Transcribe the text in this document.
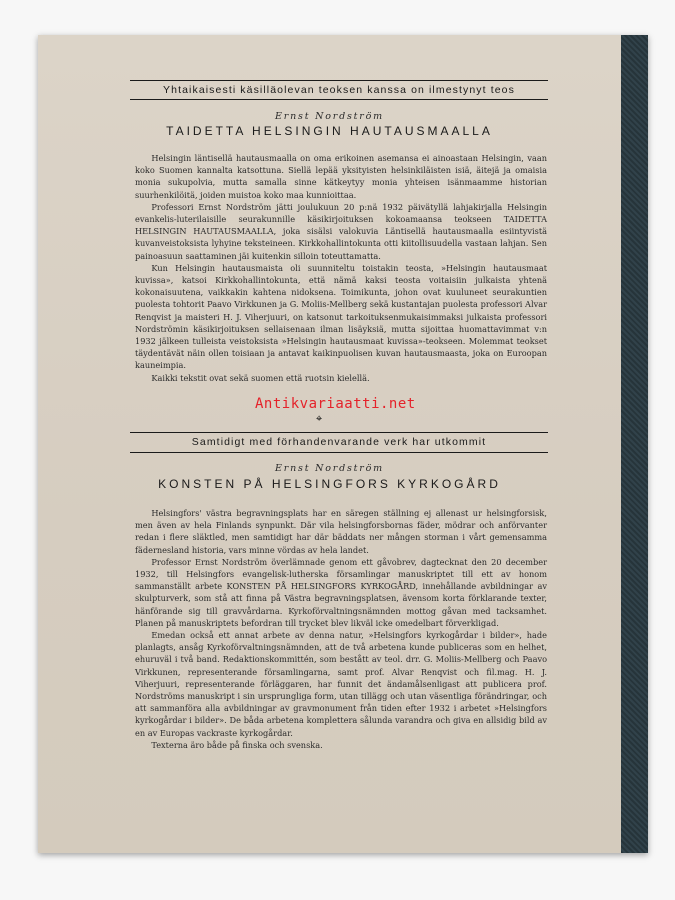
Yhtaikaisesti käsilläolevan teoksen kanssa on ilmestynyt teos
Ernst Nordström
TAIDETTA HELSINGIN HAUTAUSMAALLA

Helsingin läntisellä hautausmaalla on oma erikoinen asemansa ei ainoastaan Helsingin, vaan koko Suomen kannalta katsottuna. Siellä lepää yksityisten helsinkiläisten isiä, äitejä ja omaisia monia sukupolvia, mutta samalla sinne kätkeytyy monia yhteisen isänmaamme historian suurhenkilöitä, joiden muistoa koko maa kunnioittaa.

Professori Ernst Nordström jätti joulukuun 20 p:nä 1932 päivätyllä lahjakirjalla Helsingin evankelis-luterilaisille seurakunnille käsikirjoituksen kokoamaansa teokseen TAIDETTA HELSINGIN HAUTAUSMAALLA, joka sisälsi valokuvia Läntisellä hautausmaalla esiintyvistä kuvanveistoksista lyhyine teksteineen. Kirkkohallintokunta otti kiitollisuudella vastaan lahjan. Sen painoasuun saattaminen jäi kuitenkin silloin toteuttamatta.

Kun Helsingin hautausmaista oli suunniteltu toistakin teosta, »Helsingin hautausmaat kuvissa», katsoi Kirkkohallintokunta, että nämä kaksi teosta voitaisiin julkaista yhtenä kokonaisuutena, vaikkakin kahtena nidoksena. Toimikunta, johon ovat kuuluneet seurakuntien puolesta tohtorit Paavo Virkkunen ja G. Moliis-Mellberg sekä kustantajan puolesta professori Alvar Renqvist ja maisteri H. J. Viherjuuri, on katsonut tarkoituksenmukaisimmaksi julkaista professori Nordströmin käsikirjoituksen sellaisenaan ilman lisäyksiä, mutta sijoittaa huomattavimmat v:n 1932 jälkeen tulleista veistoksista »Helsingin hautausmaat kuvissa»-teokseen. Molemmat teokset täydentävät näin ollen toisiaan ja antavat kaikinpuolisen kuvan hautausmaasta, joka on Euroopan kauneimpia.

Kaikki tekstit ovat sekä suomen että ruotsin kielellä.

Antikvariaatti.net
⌖
Samtidigt med förhandenvarande verk har utkommit
Ernst Nordström
KONSTEN PÅ HELSINGFORS KYRKOGÅRD

Helsingfors' västra begravningsplats har en säregen ställning ej allenast ur helsingforsisk, men även av hela Finlands synpunkt. Där vila helsingforsbornas fäder, mödrar och anförvanter redan i flere släktled, men samtidigt har där bäddats ner mången storman i vårt gemensamma fädernesland historia, vars minne vördas av hela landet.

Professor Ernst Nordström överlämnade genom ett gåvobrev, dagtecknat den 20 december 1932, till Helsingfors evangelisk-lutherska församlingar manuskriptet till ett av honom sammanställt arbete KONSTEN PÅ HELSINGFORS KYRKOGÅRD, innehållande avbildningar av skulpturverk, som stå att finna på Västra begravningsplatsen, ävensom korta förklarande texter, hänförande sig till gravvårdarna. Kyrkoförvaltningsnämnden mottog gåvan med tacksamhet. Planen på manuskriptets befordran till trycket blev likväl icke omedelbart förverkligad.

Emedan också ett annat arbete av denna natur, »Helsingfors kyrkogårdar i bilder», hade planlagts, ansåg Kyrkoförvaltningsnämnden, att de två arbetena kunde publiceras som en helhet, ehuruväl i två band. Redaktionskommittén, som bestått av teol. drr. G. Moliis-Mellberg och Paavo Virkkunen, representerande församlingarna, samt prof. Alvar Renqvist och fil.mag. H. J. Viherjuuri, representerande förläggaren, har funnit det ändamålsenligast att publicera prof. Nordströms manuskript i sin ursprungliga form, utan tillägg och utan väsentliga förändringar, och att sammanföra alla avbildningar av gravmonument från tiden efter 1932 i arbetet »Helsingfors kyrkogårdar i bilder». De båda arbetena komplettera sålunda varandra och giva en allsidig bild av en av Europas vackraste kyrkogårdar.

Texterna äro både på finska och svenska.
